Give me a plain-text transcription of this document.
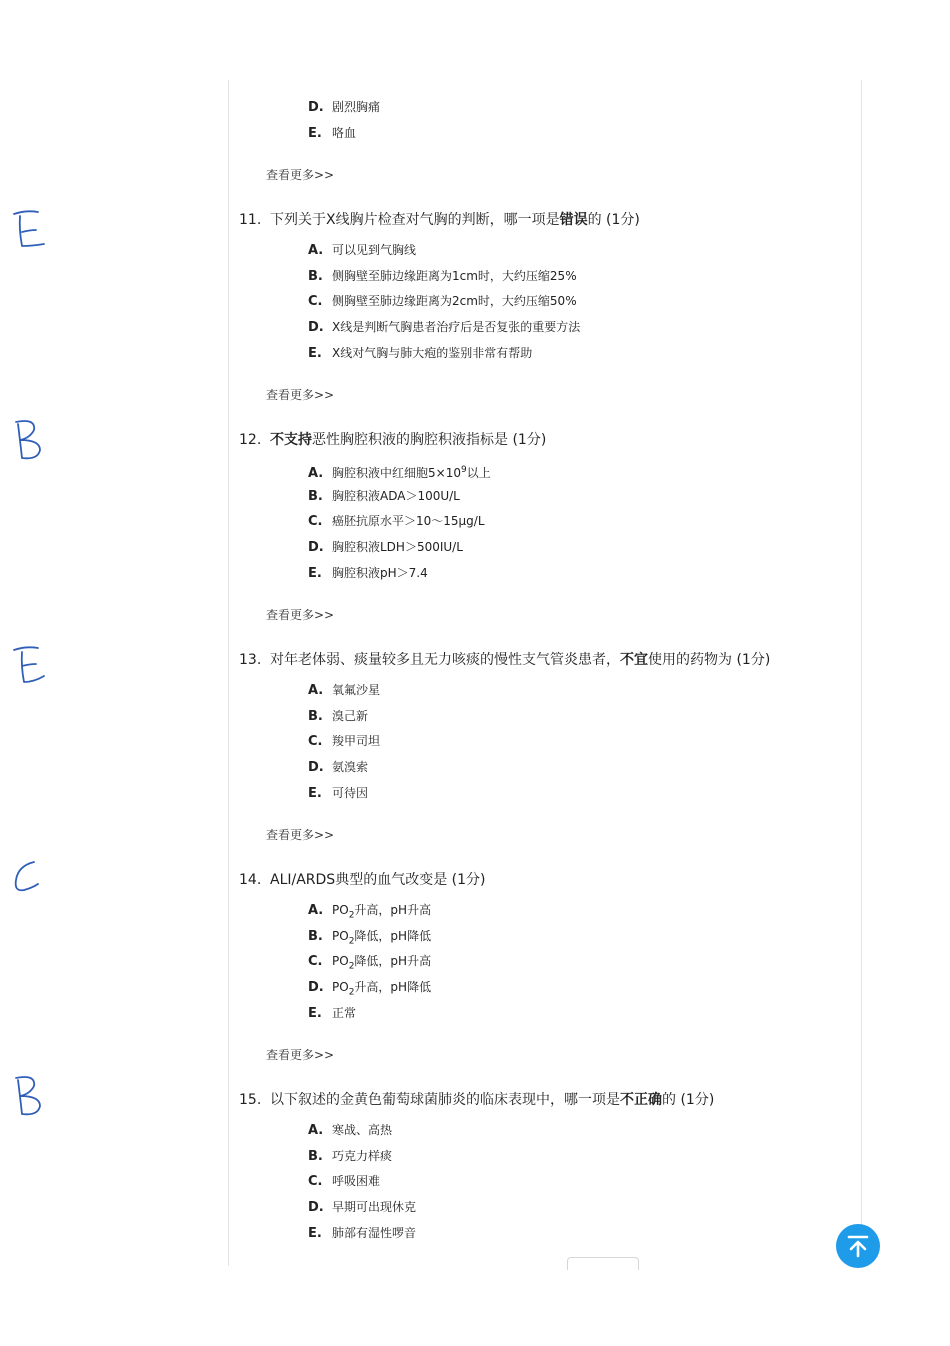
D. 剧烈胸痛
E. 咯血
查看更多>>
11. 下列关于X线胸片检查对气胸的判断，哪一项是错误的 (1分)
A. 可以见到气胸线
B. 侧胸壁至肺边缘距离为1cm时，大约压缩25%
C. 侧胸壁至肺边缘距离为2cm时，大约压缩50%
D. X线是判断气胸患者治疗后是否复张的重要方法
E. X线对气胸与肺大疱的鉴别非常有帮助
查看更多>>
12. 不支持恶性胸腔积液的胸腔积液指标是 (1分)
A. 胸腔积液中红细胞$5\times 10^9$以上
B. 胸腔积液ADA＞100U/L
C. 癌胚抗原水平＞10～15μg/L
D. 胸腔积液LDH＞500IU/L
E. 胸腔积液pH＞7.4
查看更多>>
13. 对年老体弱、痰量较多且无力咳痰的慢性支气管炎患者，不宜使用的药物为 (1分)
A. 氧氟沙星
B. 溴己新
C. 羧甲司坦
D. 氨溴索
E. 可待因
查看更多>>
14. ALI/ARDS典型的血气改变是 (1分)
A. $PO_2$升高，pH升高
B. $PO_2$降低，pH降低
C. $PO_2$降低，pH升高
D. $PO_2$升高，pH降低
E. 正常
查看更多>>
15. 以下叙述的金黄色葡萄球菌肺炎的临床表现中，哪一项是不正确的 (1分)
A. 寒战、高热
B. 巧克力样痰
C. 呼吸困难
D. 早期可出现休克
E. 肺部有湿性啰音
